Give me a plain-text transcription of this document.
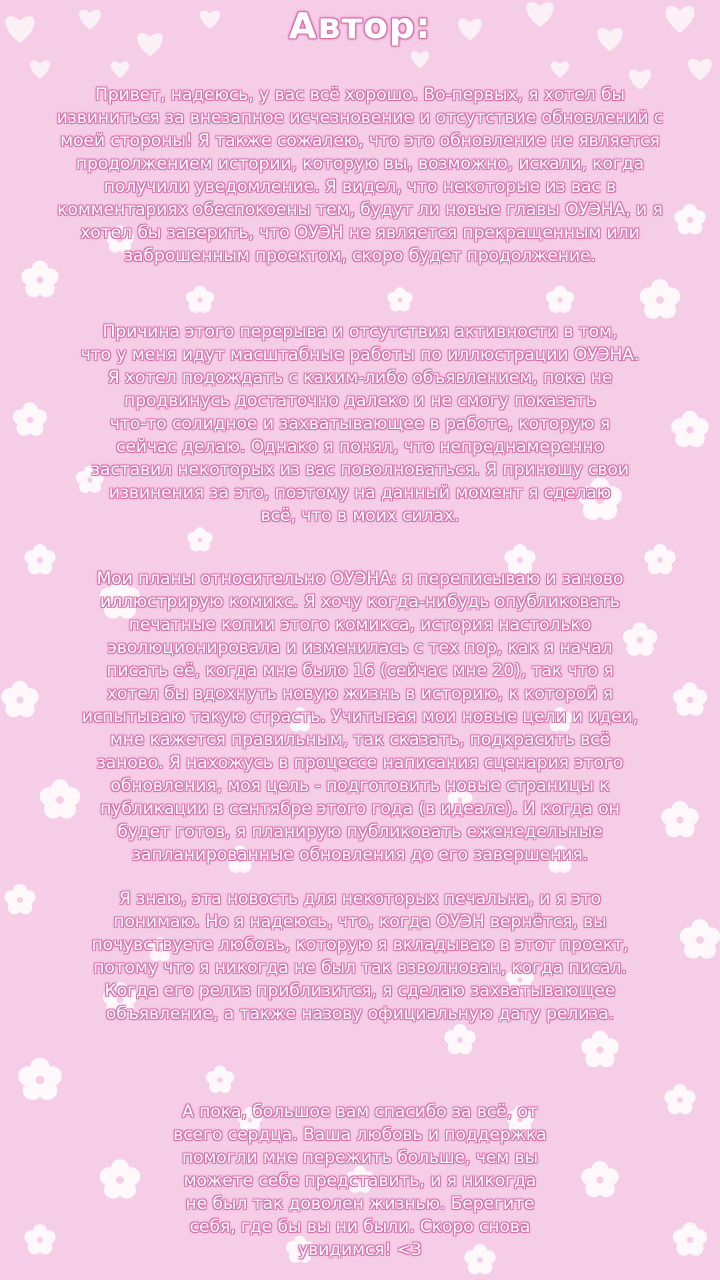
Автор:
Привет, надеюсь, у вас всё хорошо. Во-первых, я хотел бы
извиниться за внезапное исчезновение и отсутствие обновлений с
моей стороны! Я также сожалею, что это обновление не является
продолжением истории, которую вы, возможно, искали, когда
получили уведомление. Я видел, что некоторые из вас в
комментариях обеспокоены тем, будут ли новые главы ОУЭНА, и я
хотел бы заверить, что ОУЭН не является прекращенным или
заброшенным проектом, скоро будет продолжение.
Причина этого перерыва и отсутствия активности в том,
что у меня идут масштабные работы по иллюстрации ОУЭНА.
Я хотел подождать с каким-либо объявлением, пока не
продвинусь достаточно далеко и не смогу показать
что-то солидное и захватывающее в работе, которую я
сейчас делаю. Однако я понял, что непреднамеренно
заставил некоторых из вас поволноваться. Я приношу свои
извинения за это, поэтому на данный момент я сделаю
всё, что в моих силах.
Мои планы относительно ОУЭНА: я переписываю и заново
иллюстрирую комикс. Я хочу когда-нибудь опубликовать
печатные копии этого комикса, история настолько
эволюционировала и изменилась с тех пор, как я начал
писать её, когда мне было 16 (сейчас мне 20), так что я
хотел бы вдохнуть новую жизнь в историю, к которой я
испытываю такую страсть. Учитывая мои новые цели и идеи,
мне кажется правильным, так сказать, подкрасить всё
заново. Я нахожусь в процессе написания сценария этого
обновления, моя цель - подготовить новые страницы к
публикации в сентябре этого года (в идеале). И когда он
будет готов, я планирую публиковать еженедельные
запланированные обновления до его завершения.
Я знаю, эта новость для некоторых печальна, и я это
понимаю. Но я надеюсь, что, когда ОУЭН вернётся, вы
почувствуете любовь, которую я вкладываю в этот проект,
потому что я никогда не был так взволнован, когда писал.
Когда его релиз приблизится, я сделаю захватывающее
объявление, а также назову официальную дату релиза.
А пока, большое вам спасибо за всё, от
всего сердца. Ваша любовь и поддержка
помогли мне пережить больше, чем вы
можете себе представить, и я никогда
не был так доволен жизнью. Берегите
себя, где бы вы ни были. Скоро снова
увидимся! <3
